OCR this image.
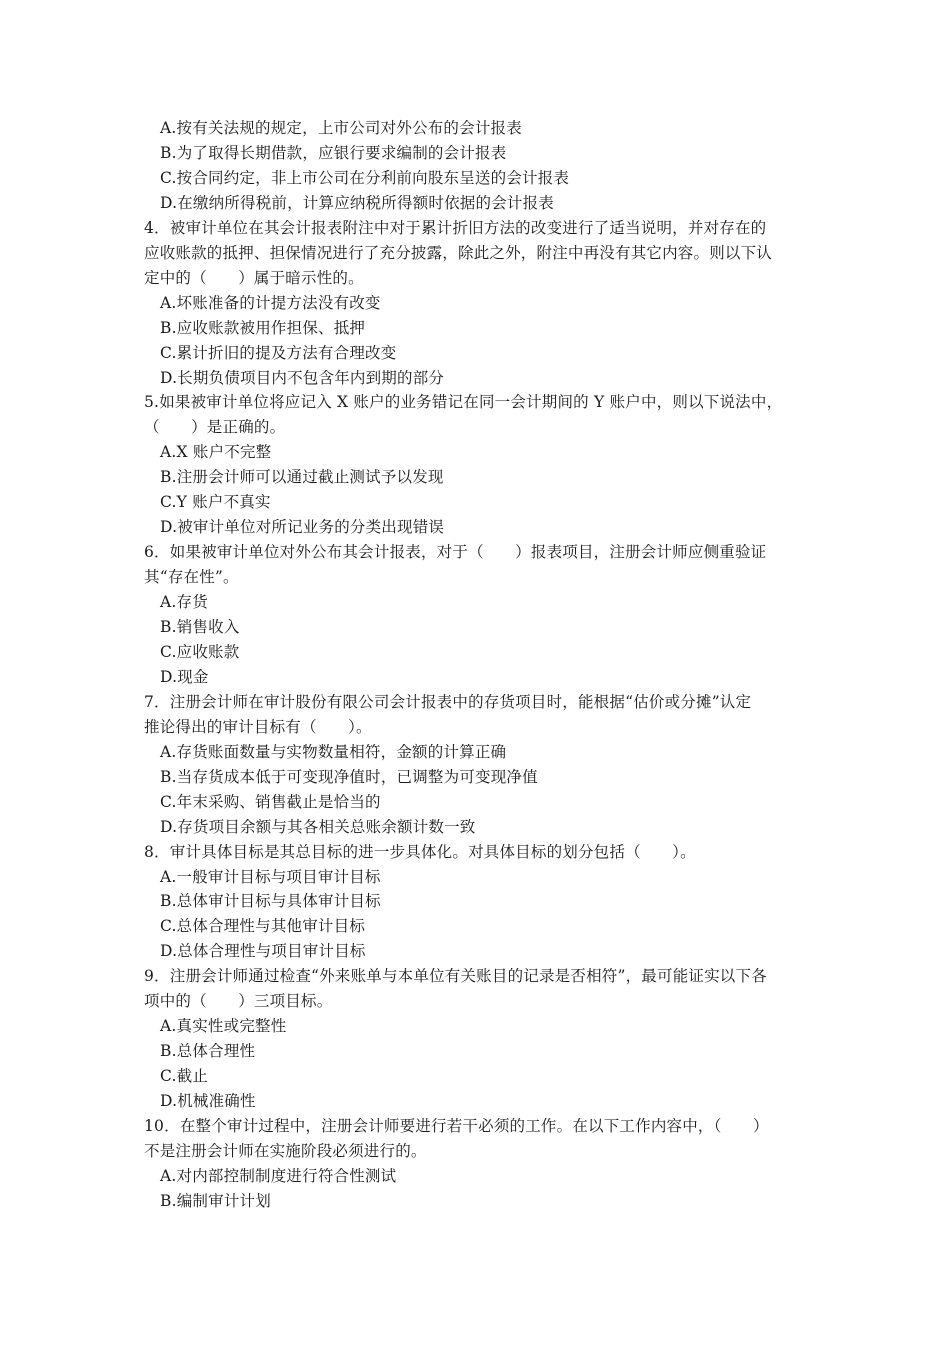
A.按有关法规的规定，上市公司对外公布的会计报表
B.为了取得长期借款，应银行要求编制的会计报表
C.按合同约定，非上市公司在分利前向股东呈送的会计报表
D.在缴纳所得税前，计算应纳税所得额时依据的会计报表
4．被审计单位在其会计报表附注中对于累计折旧方法的改变进行了适当说明，并对存在的
应收账款的抵押、担保情况进行了充分披露，除此之外，附注中再没有其它内容。则以下认
定中的（　　）属于暗示性的。
A.坏账准备的计提方法没有改变
B.应收账款被用作担保、抵押
C.累计折旧的提及方法有合理改变
D.长期负债项目内不包含年内到期的部分
5.如果被审计单位将应记入 X 账户的业务错记在同一会计期间的 Y 账户中，则以下说法中，
（　　）是正确的。
A.X 账户不完整
B.注册会计师可以通过截止测试予以发现
C.Y 账户不真实
D.被审计单位对所记业务的分类出现错误
6．如果被审计单位对外公布其会计报表，对于（　　）报表项目，注册会计师应侧重验证
其“存在性”。
A.存货
B.销售收入
C.应收账款
D.现金
7．注册会计师在审计股份有限公司会计报表中的存货项目时，能根据“估价或分摊”认定
推论得出的审计目标有（　　）。
A.存货账面数量与实物数量相符，金额的计算正确
B.当存货成本低于可变现净值时，已调整为可变现净值
C.年末采购、销售截止是恰当的
D.存货项目余额与其各相关总账余额计数一致
8．审计具体目标是其总目标的进一步具体化。对具体目标的划分包括（　　）。
A.一般审计目标与项目审计目标
B.总体审计目标与具体审计目标
C.总体合理性与其他审计目标
D.总体合理性与项目审计目标
9．注册会计师通过检查“外来账单与本单位有关账目的记录是否相符”，最可能证实以下各
项中的（　　）三项目标。
A.真实性或完整性
B.总体合理性
C.截止
D.机械准确性
10．在整个审计过程中，注册会计师要进行若干必须的工作。在以下工作内容中，（　　）
不是注册会计师在实施阶段必须进行的。
A.对内部控制制度进行符合性测试
B.编制审计计划
